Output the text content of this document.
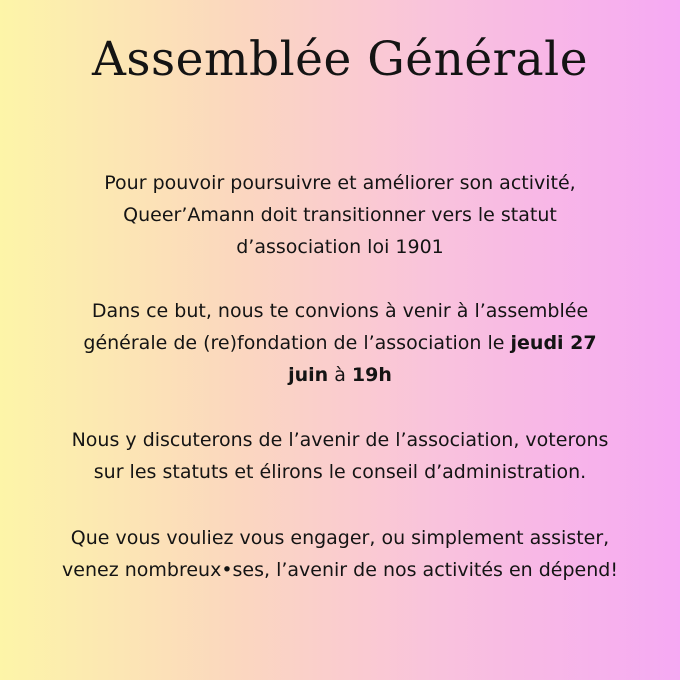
Assemblée Générale

Pour pouvoir poursuivre et améliorer son activité,
Queer’Amann doit transitionner vers le statut
d’association loi 1901

Dans ce but, nous te convions à venir à l’assemblée
générale de (re)fondation de l’association le jeudi 27
juin à 19h

Nous y discuterons de l’avenir de l’association, voterons
sur les statuts et élirons le conseil d’administration.

Que vous vouliez vous engager, ou simplement assister,
venez nombreux•ses, l’avenir de nos activités en dépend!
